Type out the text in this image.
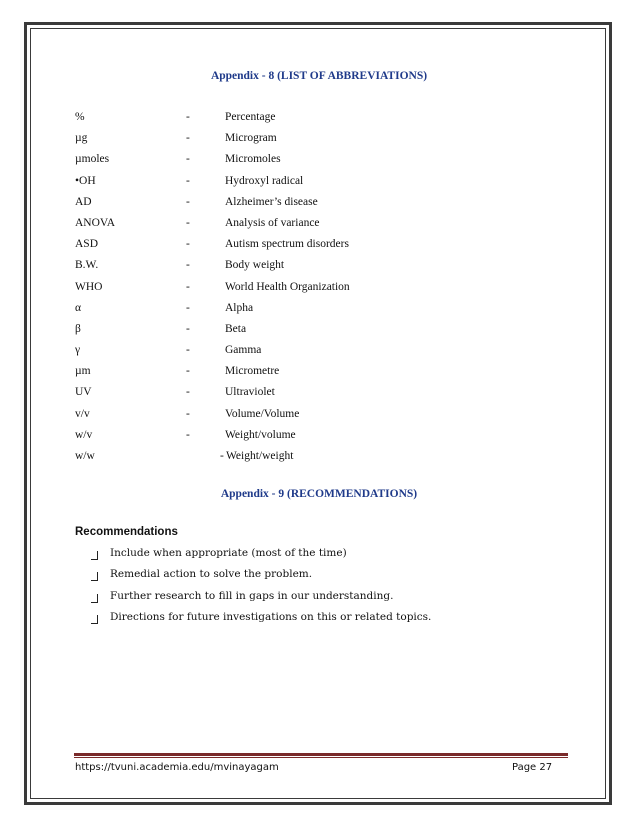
Appendix - 8 (LIST OF ABBREVIATIONS)
%	-	Percentage
µg	-	Microgram
µmoles	-	Micromoles
•OH	-	Hydroxyl radical
AD	-	Alzheimer’s disease
ANOVA	-	Analysis of variance
ASD	-	Autism spectrum disorders
B.W.	-	Body weight
WHO	-	World Health Organization
α	-	Alpha
β	-	Beta
γ	-	Gamma
µm	-	Micrometre
UV	-	Ultraviolet
v/v	-	Volume/Volume
w/v	-	Weight/volume
w/w	- Weight/weight
Appendix - 9 (RECOMMENDATIONS)
Recommendations
Include when appropriate (most of the time)
Remedial action to solve the problem.
Further research to fill in gaps in our understanding.
Directions for future investigations on this or related topics.
https://tvuni.academia.edu/mvinayagam	Page 27
